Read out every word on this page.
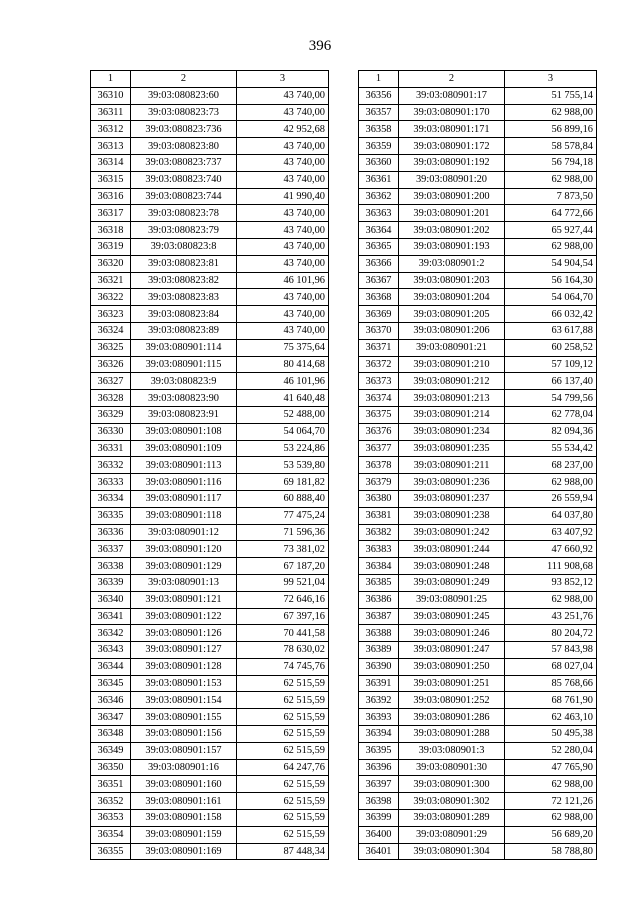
396
1	2	3
36310	39:03:080823:60	43 740,00
36311	39:03:080823:73	43 740,00
36312	39:03:080823:736	42 952,68
36313	39:03:080823:80	43 740,00
36314	39:03:080823:737	43 740,00
36315	39:03:080823:740	43 740,00
36316	39:03:080823:744	41 990,40
36317	39:03:080823:78	43 740,00
36318	39:03:080823:79	43 740,00
36319	39:03:080823:8	43 740,00
36320	39:03:080823:81	43 740,00
36321	39:03:080823:82	46 101,96
36322	39:03:080823:83	43 740,00
36323	39:03:080823:84	43 740,00
36324	39:03:080823:89	43 740,00
36325	39:03:080901:114	75 375,64
36326	39:03:080901:115	80 414,68
36327	39:03:080823:9	46 101,96
36328	39:03:080823:90	41 640,48
36329	39:03:080823:91	52 488,00
36330	39:03:080901:108	54 064,70
36331	39:03:080901:109	53 224,86
36332	39:03:080901:113	53 539,80
36333	39:03:080901:116	69 181,82
36334	39:03:080901:117	60 888,40
36335	39:03:080901:118	77 475,24
36336	39:03:080901:12	71 596,36
36337	39:03:080901:120	73 381,02
36338	39:03:080901:129	67 187,20
36339	39:03:080901:13	99 521,04
36340	39:03:080901:121	72 646,16
36341	39:03:080901:122	67 397,16
36342	39:03:080901:126	70 441,58
36343	39:03:080901:127	78 630,02
36344	39:03:080901:128	74 745,76
36345	39:03:080901:153	62 515,59
36346	39:03:080901:154	62 515,59
36347	39:03:080901:155	62 515,59
36348	39:03:080901:156	62 515,59
36349	39:03:080901:157	62 515,59
36350	39:03:080901:16	64 247,76
36351	39:03:080901:160	62 515,59
36352	39:03:080901:161	62 515,59
36353	39:03:080901:158	62 515,59
36354	39:03:080901:159	62 515,59
36355	39:03:080901:169	87 448,34
1	2	3
36356	39:03:080901:17	51 755,14
36357	39:03:080901:170	62 988,00
36358	39:03:080901:171	56 899,16
36359	39:03:080901:172	58 578,84
36360	39:03:080901:192	56 794,18
36361	39:03:080901:20	62 988,00
36362	39:03:080901:200	7 873,50
36363	39:03:080901:201	64 772,66
36364	39:03:080901:202	65 927,44
36365	39:03:080901:193	62 988,00
36366	39:03:080901:2	54 904,54
36367	39:03:080901:203	56 164,30
36368	39:03:080901:204	54 064,70
36369	39:03:080901:205	66 032,42
36370	39:03:080901:206	63 617,88
36371	39:03:080901:21	60 258,52
36372	39:03:080901:210	57 109,12
36373	39:03:080901:212	66 137,40
36374	39:03:080901:213	54 799,56
36375	39:03:080901:214	62 778,04
36376	39:03:080901:234	82 094,36
36377	39:03:080901:235	55 534,42
36378	39:03:080901:211	68 237,00
36379	39:03:080901:236	62 988,00
36380	39:03:080901:237	26 559,94
36381	39:03:080901:238	64 037,80
36382	39:03:080901:242	63 407,92
36383	39:03:080901:244	47 660,92
36384	39:03:080901:248	111 908,68
36385	39:03:080901:249	93 852,12
36386	39:03:080901:25	62 988,00
36387	39:03:080901:245	43 251,76
36388	39:03:080901:246	80 204,72
36389	39:03:080901:247	57 843,98
36390	39:03:080901:250	68 027,04
36391	39:03:080901:251	85 768,66
36392	39:03:080901:252	68 761,90
36393	39:03:080901:286	62 463,10
36394	39:03:080901:288	50 495,38
36395	39:03:080901:3	52 280,04
36396	39:03:080901:30	47 765,90
36397	39:03:080901:300	62 988,00
36398	39:03:080901:302	72 121,26
36399	39:03:080901:289	62 988,00
36400	39:03:080901:29	56 689,20
36401	39:03:080901:304	58 788,80
